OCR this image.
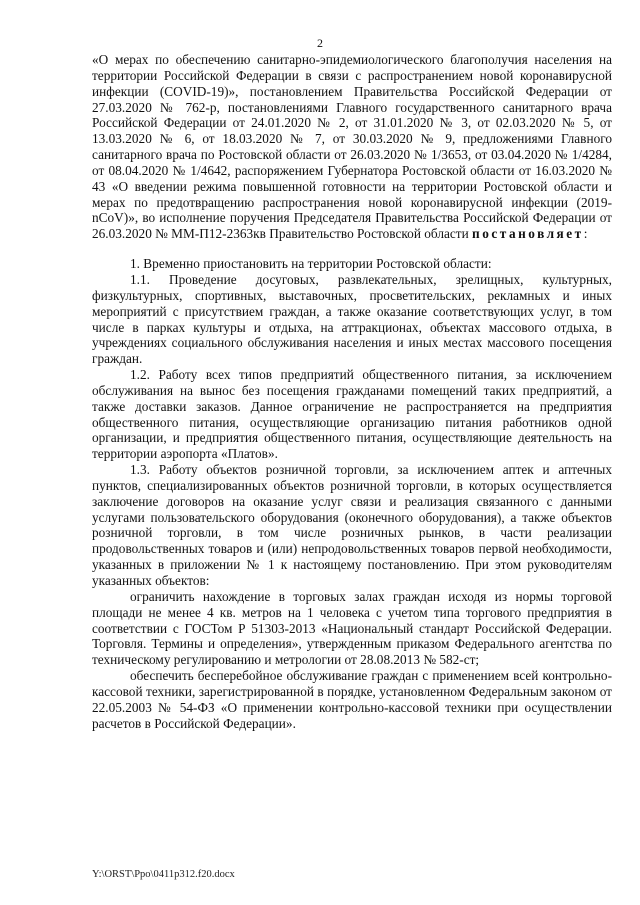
2

«О мерах по обеспечению санитарно-эпидемиологического благополучия населения на территории Российской Федерации в связи с распространением новой коронавирусной инфекции (COVID-19)», постановлением Правительства Российской Федерации от 27.03.2020 № 762-р, постановлениями Главного государственного санитарного врача Российской Федерации от 24.01.2020 № 2, от 31.01.2020 № 3, от 02.03.2020 № 5, от 13.03.2020 № 6, от 18.03.2020 № 7, от 30.03.2020 № 9, предложениями Главного санитарного врача по Ростовской области от 26.03.2020 № 1/3653, от 03.04.2020 № 1/4284, от 08.04.2020 № 1/4642, распоряжением Губернатора Ростовской области от 16.03.2020 № 43 «О введении режима повышенной готовности на территории Ростовской области и мерах по предотвращению распространения новой коронавирусной инфекции (2019-nCoV)», во исполнение поручения Председателя Правительства Российской Федерации от 26.03.2020 № ММ-П12-2363кв Правительство Ростовской области постановляет:

1. Временно приостановить на территории Ростовской области:

1.1. Проведение досуговых, развлекательных, зрелищных, культурных, физкультурных, спортивных, выставочных, просветительских, рекламных и иных мероприятий с присутствием граждан, а также оказание соответствующих услуг, в том числе в парках культуры и отдыха, на аттракционах, объектах массового отдыха, в учреждениях социального обслуживания населения и иных местах массового посещения граждан.

1.2. Работу всех типов предприятий общественного питания, за исключением обслуживания на вынос без посещения гражданами помещений таких предприятий, а также доставки заказов. Данное ограничение не распространяется на предприятия общественного питания, осуществляющие организацию питания работников одной организации, и предприятия общественного питания, осуществляющие деятельность на территории аэропорта «Платов».

1.3. Работу объектов розничной торговли, за исключением аптек и аптечных пунктов, специализированных объектов розничной торговли, в которых осуществляется заключение договоров на оказание услуг связи и реализация связанного с данными услугами пользовательского оборудования (оконечного оборудования), а также объектов розничной торговли, в том числе розничных рынков, в части реализации продовольственных товаров и (или) непродовольственных товаров первой необходимости, указанных в приложении № 1 к настоящему постановлению. При этом руководителям указанных объектов:

ограничить нахождение в торговых залах граждан исходя из нормы торговой площади не менее 4 кв. метров на 1 человека с учетом типа торгового предприятия в соответствии с ГОСТом Р 51303-2013 «Национальный стандарт Российской Федерации. Торговля. Термины и определения», утвержденным приказом Федерального агентства по техническому регулированию и метрологии от 28.08.2013 № 582-ст;

обеспечить бесперебойное обслуживание граждан с применением всей контрольно-кассовой техники, зарегистрированной в порядке, установленном Федеральным законом от 22.05.2003 № 54-ФЗ «О применении контрольно-кассовой техники при осуществлении расчетов в Российской Федерации».

Y:\ORST\Ppo\0411p312.f20.docx
